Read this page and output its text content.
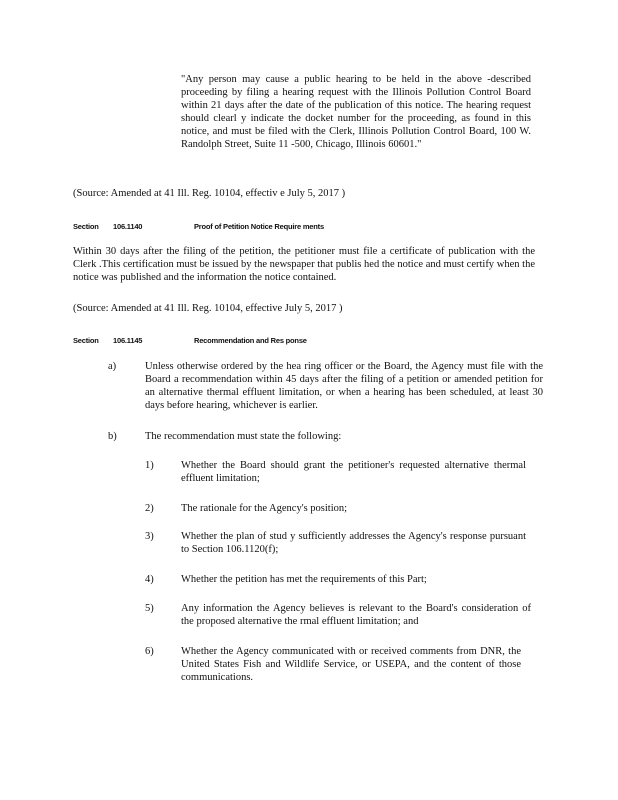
"Any person may cause a public hearing to be held in the above -described proceeding by filing a hearing request with the Illinois Pollution Control Board within 21 days after the date of the publication of this notice. The hearing request should clearl y indicate the docket number for the proceeding, as found in this notice, and must be filed with the Clerk, Illinois Pollution Control Board, 100 W. Randolph Street, Suite 11 -500, Chicago, Illinois 60601."
(Source: Amended at 41 Ill. Reg. 10104, effectiv e July 5, 2017 )
Section 106.1140	Proof of Petition Notice Require ments
Within 30 days after the filing of the petition, the petitioner must file a certificate of publication with the Clerk .This certification must be issued by the newspaper that publis hed the notice and must certify when the notice was published and the information the notice contained.
(Source: Amended at 41 Ill. Reg. 10104, effective July 5, 2017 )
Section 106.1145	Recommendation and Res ponse
a)	Unless otherwise ordered by the hea ring officer or the Board, the Agency must file with the Board a recommendation within 45 days after the filing of a petition or amended petition for an alternative thermal effluent limitation, or when a hearing has been scheduled, at least 30 days before hearing, whichever is earlier.
b)	The recommendation must state the following:
1)	Whether the Board should grant the petitioner's requested alternative thermal effluent limitation;
2)	The rationale for the Agency's position;
3)	Whether the plan of stud y sufficiently addresses the Agency's response pursuant to Section 106.1120(f);
4)	Whether the petition has met the requirements of this Part;
5)	Any information the Agency believes is relevant to the Board's consideration of the proposed alternative the rmal effluent limitation; and
6)	Whether the Agency communicated with or received comments from DNR, the United States Fish and Wildlife Service, or USEPA, and the content of those communications.
